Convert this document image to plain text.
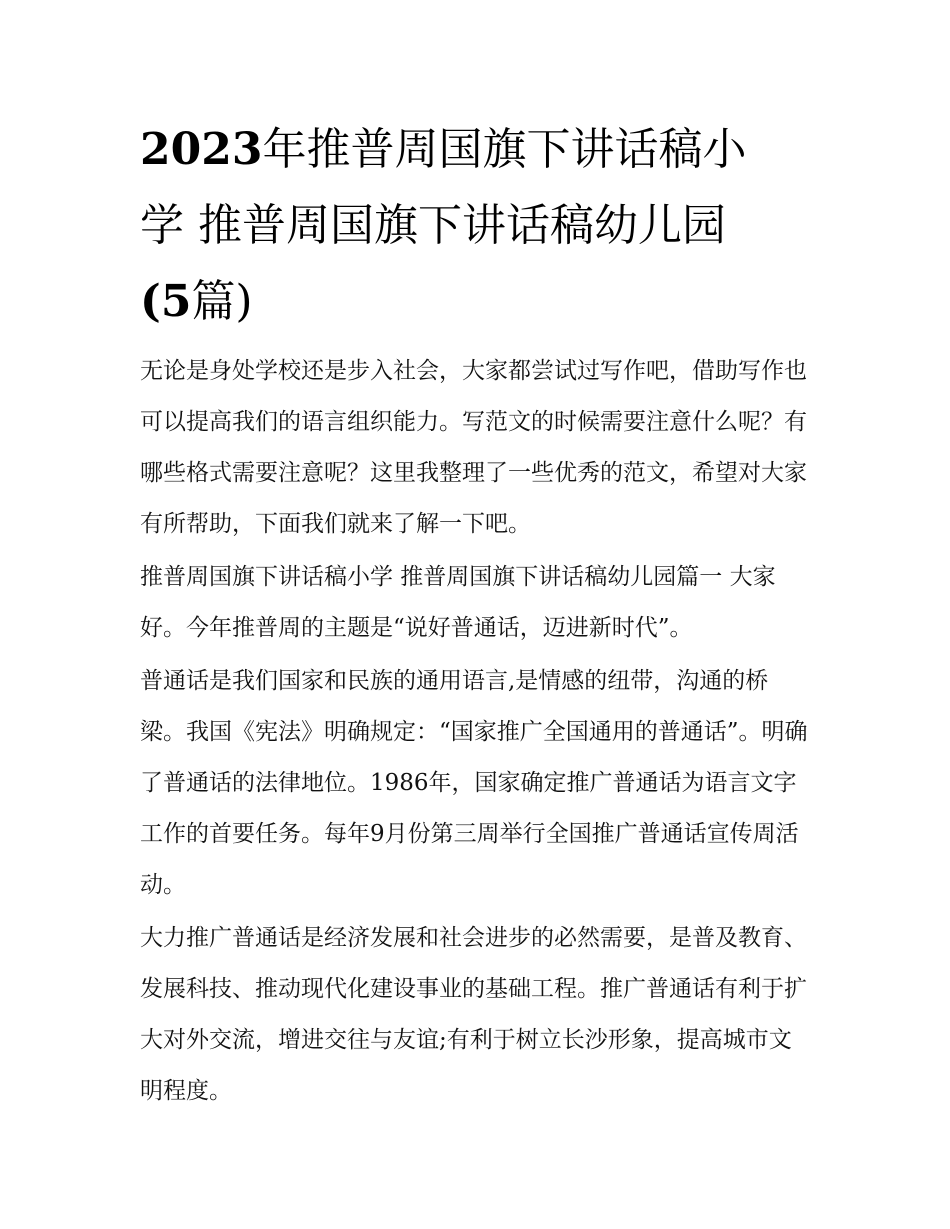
2023年推普周国旗下讲话稿小
学 推普周国旗下讲话稿幼儿园
(5篇)

无论是身处学校还是步入社会，大家都尝试过写作吧，借助写作也可以提高我们的语言组织能力。写范文的时候需要注意什么呢？有哪些格式需要注意呢？这里我整理了一些优秀的范文，希望对大家有所帮助，下面我们就来了解一下吧。

推普周国旗下讲话稿小学 推普周国旗下讲话稿幼儿园篇一 大家好。今年推普周的主题是“说好普通话，迈进新时代”。

普通话是我们国家和民族的通用语言,是情感的纽带，沟通的桥梁。我国《宪法》明确规定：“国家推广全国通用的普通话”。明确了普通话的法律地位。1986年，国家确定推广普通话为语言文字工作的首要任务。每年9月份第三周举行全国推广普通话宣传周活动。

大力推广普通话是经济发展和社会进步的必然需要，是普及教育、发展科技、推动现代化建设事业的基础工程。推广普通话有利于扩大对外交流，增进交往与友谊;有利于树立长沙形象，提高城市文明程度。
